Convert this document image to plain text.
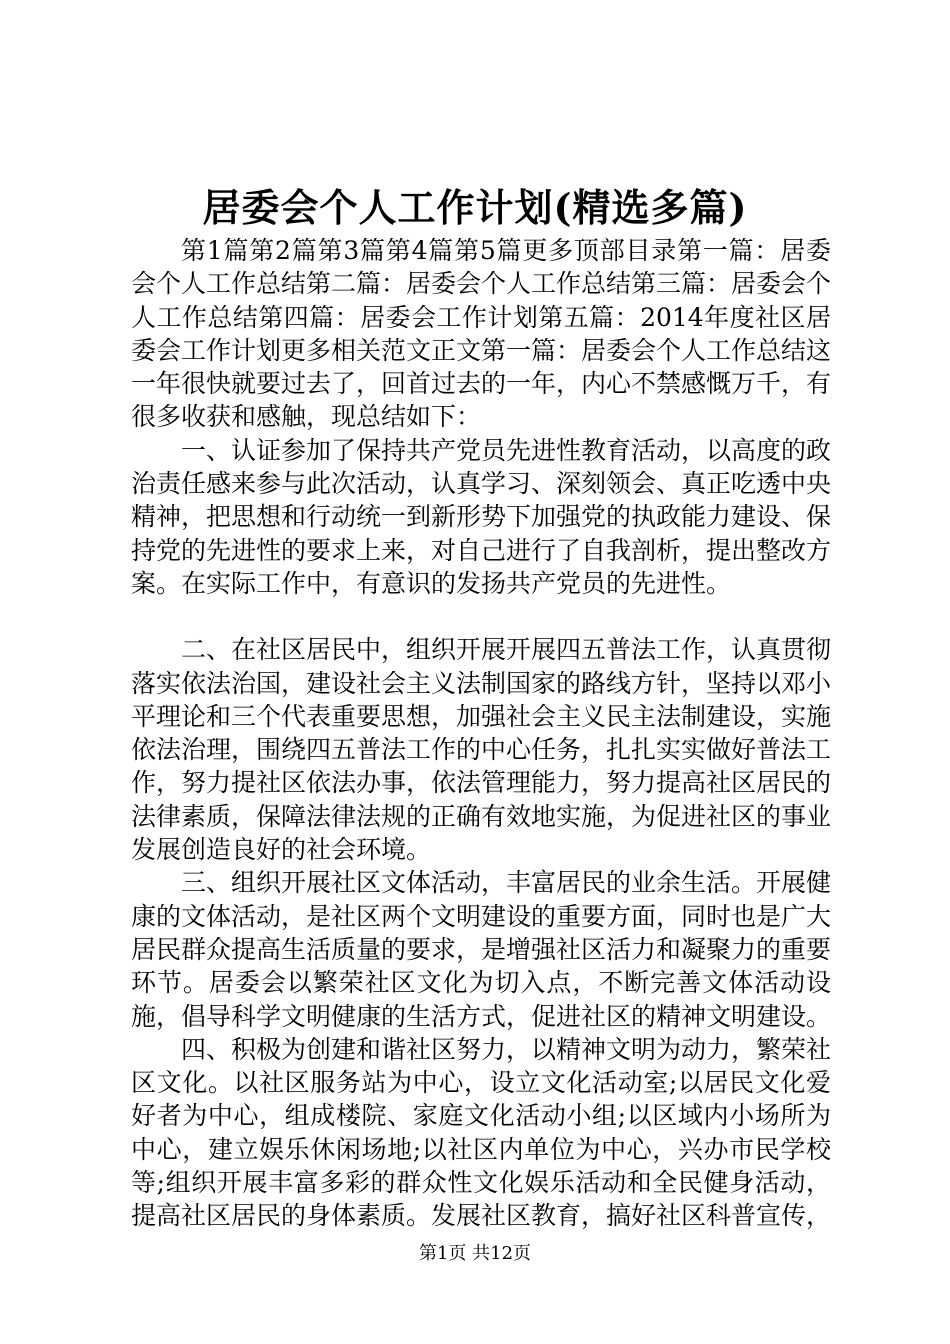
居委会个人工作计划(精选多篇)

第1篇第2篇第3篇第4篇第5篇更多顶部目录第一篇：居委会个人工作总结第二篇：居委会个人工作总结第三篇：居委会个人工作总结第四篇：居委会工作计划第五篇：2014年度社区居委会工作计划更多相关范文正文第一篇：居委会个人工作总结这一年很快就要过去了，回首过去的一年，内心不禁感慨万千，有很多收获和感触，现总结如下：

一、认证参加了保持共产党员先进性教育活动，以高度的政治责任感来参与此次活动，认真学习、深刻领会、真正吃透中央精神，把思想和行动统一到新形势下加强党的执政能力建设、保持党的先进性的要求上来，对自己进行了自我剖析，提出整改方案。在实际工作中，有意识的发扬共产党员的先进性。

二、在社区居民中，组织开展开展四五普法工作，认真贯彻落实依法治国，建设社会主义法制国家的路线方针，坚持以邓小平理论和三个代表重要思想，加强社会主义民主法制建设，实施依法治理，围绕四五普法工作的中心任务，扎扎实实做好普法工作，努力提社区依法办事，依法管理能力，努力提高社区居民的法律素质，保障法律法规的正确有效地实施，为促进社区的事业发展创造良好的社会环境。

三、组织开展社区文体活动，丰富居民的业余生活。开展健康的文体活动，是社区两个文明建设的重要方面，同时也是广大居民群众提高生活质量的要求，是增强社区活力和凝聚力的重要环节。居委会以繁荣社区文化为切入点，不断完善文体活动设施，倡导科学文明健康的生活方式，促进社区的精神文明建设。

四、积极为创建和谐社区努力，以精神文明为动力，繁荣社区文化。以社区服务站为中心，设立文化活动室;以居民文化爱好者为中心，组成楼院、家庭文化活动小组;以区域内小场所为中心，建立娱乐休闲场地;以社区内单位为中心，兴办市民学校等;组织开展丰富多彩的群众性文化娱乐活动和全民健身活动，提高社区居民的身体素质。发展社区教育，搞好社区科普宣传，

第1页 共12页
